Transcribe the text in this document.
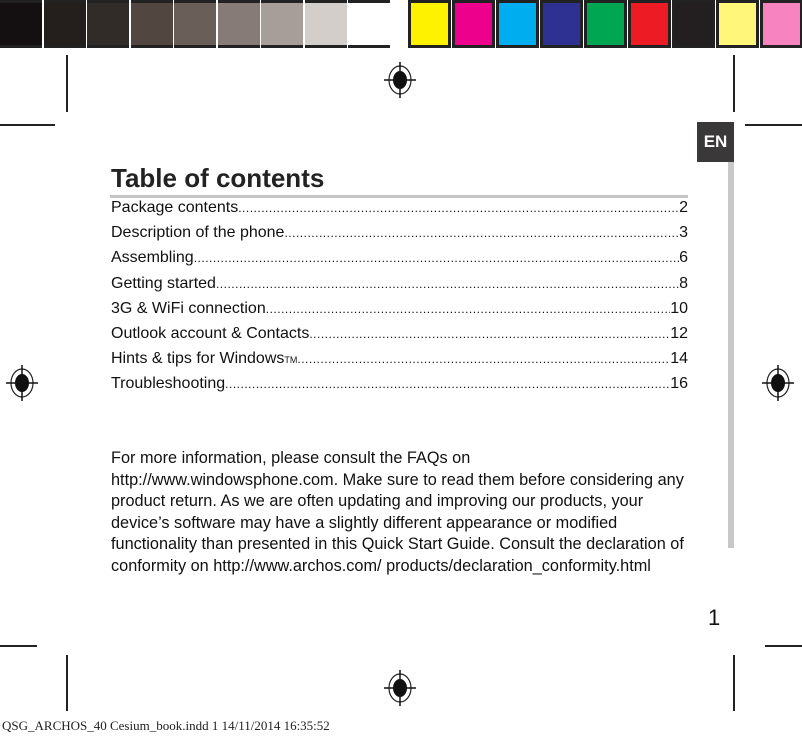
EN
Table of contents
Package contents .....	2
Description of the phone .....	3
Assembling .....	6
Getting started .....	8
3G & WiFi connection .....	10
Outlook account & Contacts .....	12
Hints & tips for Windows TM .....	14
Troubleshooting .....	16
For more information, please consult the FAQs on http://www.windowsphone.com. Make sure to read them before considering any product return. As we are often updating and improving our products, your device’s software may have a slightly different appearance or modified functionality than presented in this Quick Start Guide. Consult the declaration of conformity on http://www.archos.com/ products/declaration_conformity.html
1
QSG_ARCHOS_40 Cesium_book.indd 1 14/11/2014 16:35:52
